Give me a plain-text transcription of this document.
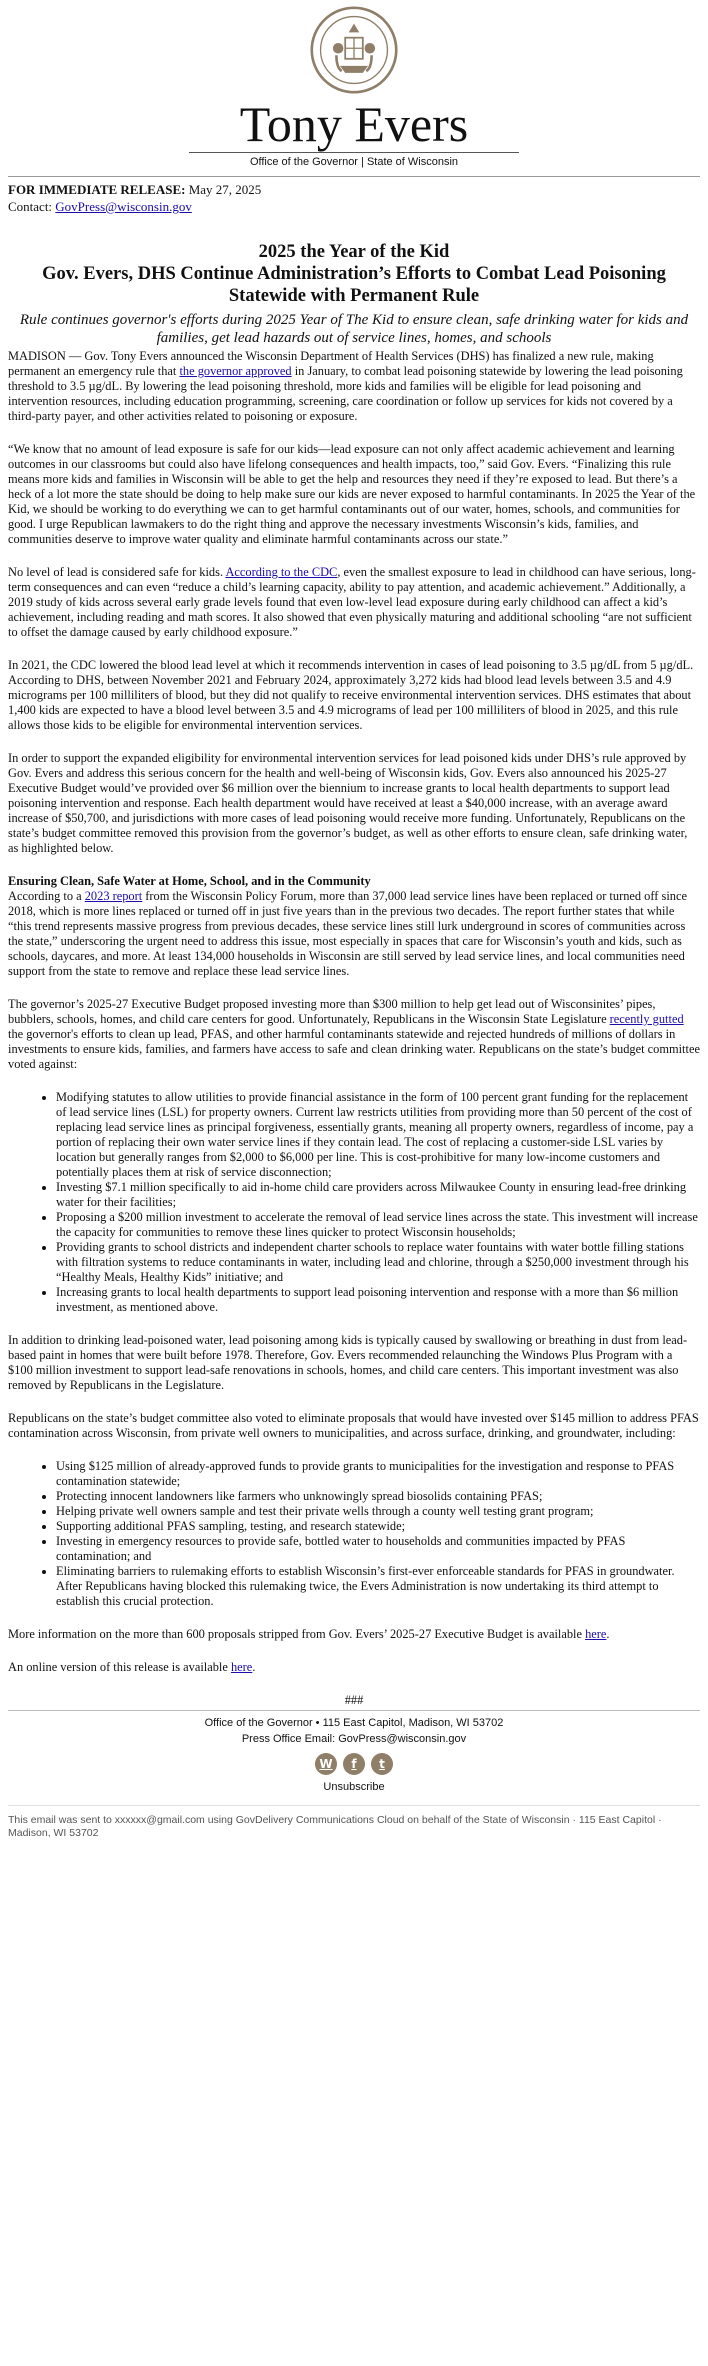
Tony Evers
Office of the Governor | State of Wisconsin
FOR IMMEDIATE RELEASE: May 27, 2025
Contact: GovPress@wisconsin.gov
2025 the Year of the Kid
Gov. Evers, DHS Continue Administration’s Efforts to Combat Lead Poisoning Statewide with Permanent Rule
Rule continues governor's efforts during 2025 Year of The Kid to ensure clean, safe drinking water for kids and families, get lead hazards out of service lines, homes, and schools

MADISON — Gov. Tony Evers announced the Wisconsin Department of Health Services (DHS) has finalized a new rule, making permanent an emergency rule that the governor approved in January, to combat lead poisoning statewide by lowering the lead poisoning threshold to 3.5 µg/dL. By lowering the lead poisoning threshold, more kids and families will be eligible for lead poisoning and intervention resources, including education programming, screening, care coordination or follow up services for kids not covered by a third-party payer, and other activities related to poisoning or exposure.

“We know that no amount of lead exposure is safe for our kids—lead exposure can not only affect academic achievement and learning outcomes in our classrooms but could also have lifelong consequences and health impacts, too,” said Gov. Evers. “Finalizing this rule means more kids and families in Wisconsin will be able to get the help and resources they need if they’re exposed to lead. But there’s a heck of a lot more the state should be doing to help make sure our kids are never exposed to harmful contaminants. In 2025 the Year of the Kid, we should be working to do everything we can to get harmful contaminants out of our water, homes, schools, and communities for good. I urge Republican lawmakers to do the right thing and approve the necessary investments Wisconsin’s kids, families, and communities deserve to improve water quality and eliminate harmful contaminants across our state.”

No level of lead is considered safe for kids. According to the CDC, even the smallest exposure to lead in childhood can have serious, long-term consequences and can even “reduce a child’s learning capacity, ability to pay attention, and academic achievement.” Additionally, a 2019 study of kids across several early grade levels found that even low-level lead exposure during early childhood can affect a kid’s achievement, including reading and math scores. It also showed that even physically maturing and additional schooling “are not sufficient to offset the damage caused by early childhood exposure.”

In 2021, the CDC lowered the blood lead level at which it recommends intervention in cases of lead poisoning to 3.5 µg/dL from 5 µg/dL. According to DHS, between November 2021 and February 2024, approximately 3,272 kids had blood lead levels between 3.5 and 4.9 micrograms per 100 milliliters of blood, but they did not qualify to receive environmental intervention services. DHS estimates that about 1,400 kids are expected to have a blood level between 3.5 and 4.9 micrograms of lead per 100 milliliters of blood in 2025, and this rule allows those kids to be eligible for environmental intervention services.

In order to support the expanded eligibility for environmental intervention services for lead poisoned kids under DHS’s rule approved by Gov. Evers and address this serious concern for the health and well-being of Wisconsin kids, Gov. Evers also announced his 2025-27 Executive Budget would’ve provided over $6 million over the biennium to increase grants to local health departments to support lead poisoning intervention and response. Each health department would have received at least a $40,000 increase, with an average award increase of $50,700, and jurisdictions with more cases of lead poisoning would receive more funding. Unfortunately, Republicans on the state’s budget committee removed this provision from the governor’s budget, as well as other efforts to ensure clean, safe drinking water, as highlighted below.

Ensuring Clean, Safe Water at Home, School, and in the Community

According to a 2023 report from the Wisconsin Policy Forum, more than 37,000 lead service lines have been replaced or turned off since 2018, which is more lines replaced or turned off in just five years than in the previous two decades. The report further states that while “this trend represents massive progress from previous decades, these service lines still lurk underground in scores of communities across the state,” underscoring the urgent need to address this issue, most especially in spaces that care for Wisconsin’s youth and kids, such as schools, daycares, and more. At least 134,000 households in Wisconsin are still served by lead service lines, and local communities need support from the state to remove and replace these lead service lines.

The governor’s 2025-27 Executive Budget proposed investing more than $300 million to help get lead out of Wisconsinites’ pipes, bubblers, schools, homes, and child care centers for good. Unfortunately, Republicans in the Wisconsin State Legislature recently gutted the governor's efforts to clean up lead, PFAS, and other harmful contaminants statewide and rejected hundreds of millions of dollars in investments to ensure kids, families, and farmers have access to safe and clean drinking water. Republicans on the state’s budget committee voted against:

• Modifying statutes to allow utilities to provide financial assistance in the form of 100 percent grant funding for the replacement of lead service lines (LSL) for property owners. Current law restricts utilities from providing more than 50 percent of the cost of replacing lead service lines as principal forgiveness, essentially grants, meaning all property owners, regardless of income, pay a portion of replacing their own water service lines if they contain lead. The cost of replacing a customer-side LSL varies by location but generally ranges from $2,000 to $6,000 per line. This is cost-prohibitive for many low-income customers and potentially places them at risk of service disconnection;
• Investing $7.1 million specifically to aid in-home child care providers across Milwaukee County in ensuring lead-free drinking water for their facilities;
• Proposing a $200 million investment to accelerate the removal of lead service lines across the state. This investment will increase the capacity for communities to remove these lines quicker to protect Wisconsin households;
• Providing grants to school districts and independent charter schools to replace water fountains with water bottle filling stations with filtration systems to reduce contaminants in water, including lead and chlorine, through a $250,000 investment through his “Healthy Meals, Healthy Kids” initiative; and
• Increasing grants to local health departments to support lead poisoning intervention and response with a more than $6 million investment, as mentioned above.

In addition to drinking lead-poisoned water, lead poisoning among kids is typically caused by swallowing or breathing in dust from lead-based paint in homes that were built before 1978. Therefore, Gov. Evers recommended relaunching the Windows Plus Program with a $100 million investment to support lead-safe renovations in schools, homes, and child care centers. This important investment was also removed by Republicans in the Legislature.

Republicans on the state’s budget committee also voted to eliminate proposals that would have invested over $145 million to address PFAS contamination across Wisconsin, from private well owners to municipalities, and across surface, drinking, and groundwater, including:

• Using $125 million of already-approved funds to provide grants to municipalities for the investigation and response to PFAS contamination statewide;
• Protecting innocent landowners like farmers who unknowingly spread biosolids containing PFAS;
• Helping private well owners sample and test their private wells through a county well testing grant program;
• Supporting additional PFAS sampling, testing, and research statewide;
• Investing in emergency resources to provide safe, bottled water to households and communities impacted by PFAS contamination; and
• Eliminating barriers to rulemaking efforts to establish Wisconsin’s first-ever enforceable standards for PFAS in groundwater. After Republicans having blocked this rulemaking twice, the Evers Administration is now undertaking its third attempt to establish this crucial protection.

More information on the more than 600 proposals stripped from Gov. Evers’ 2025-27 Executive Budget is available here.

An online version of this release is available here.

###
Office of the Governor • 115 East Capitol, Madison, WI 53702
Press Office Email: GovPress@wisconsin.gov
W	f	t
Unsubscribe
This email was sent to xxxxxx@gmail.com using GovDelivery Communications Cloud on behalf of the State of Wisconsin · 115 East Capitol · Madison, WI 53702
